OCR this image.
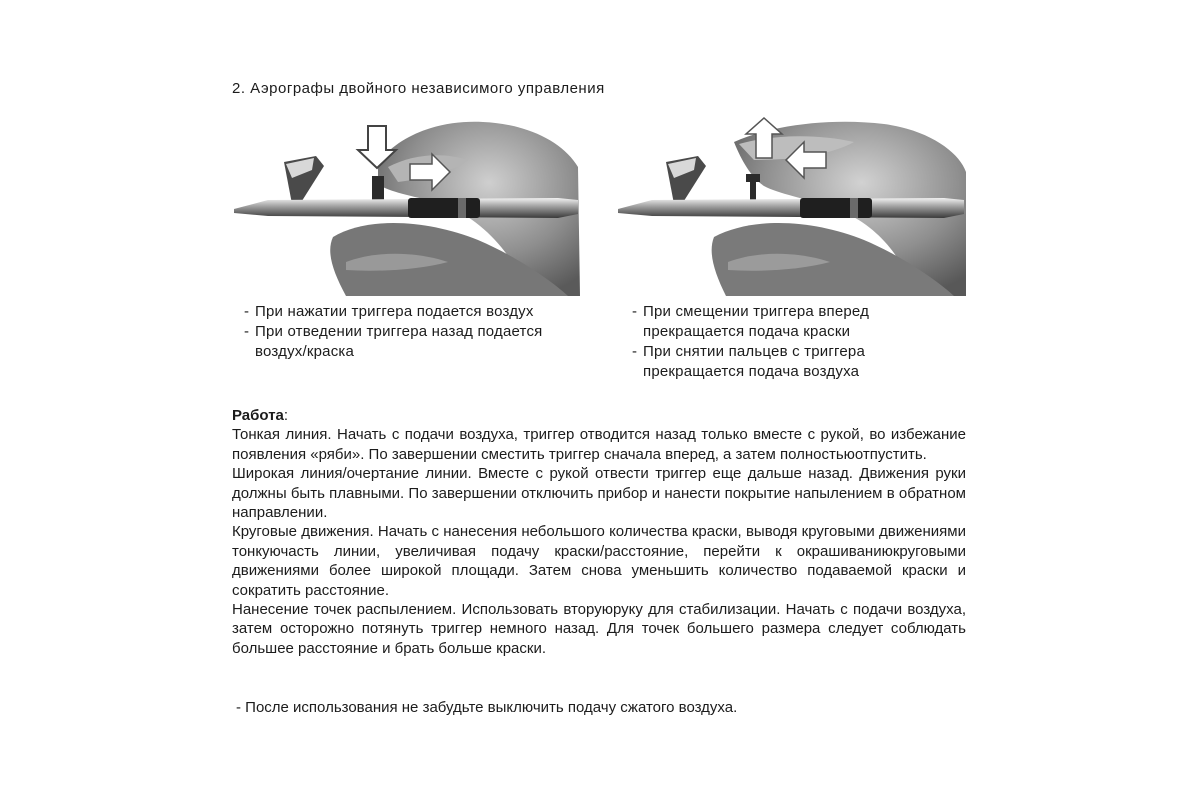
2. Аэрографы двойного независимого управления
- При нажатии триггера подается воздух
- При отведении триггера назад подается воздух/краска
- При смещении триггера вперед прекращается подача краски
- При снятии пальцев с триггера прекращается подача воздуха
Работа:
Тонкая линия. Начать с подачи воздуха, триггер отводится назад только вместе с рукой, во избежание появления «ряби». По завершении сместить триггер сначала вперед, а затем полностьюотпустить.
Широкая линия/очертание линии. Вместе с рукой отвести триггер еще дальше назад. Движения руки должны быть плавными. По завершении отключить прибор и нанести покрытие напылением в обратном направлении.
Круговые движения. Начать с нанесения небольшого количества краски, выводя круговыми движениями тонкуючасть линии, увеличивая подачу краски/расстояние, перейти к окрашиваниюкруговыми движениями более широкой площади. Затем снова уменьшить количество подаваемой краски и сократить расстояние.
Нанесение точек распылением. Использовать вторуюруку для стабилизации. Начать с подачи воздуха, затем осторожно потянуть триггер немного назад. Для точек большего размера следует соблюдать большее расстояние и брать больше краски.
- После использования не забудьте выключить подачу сжатого воздуха.
